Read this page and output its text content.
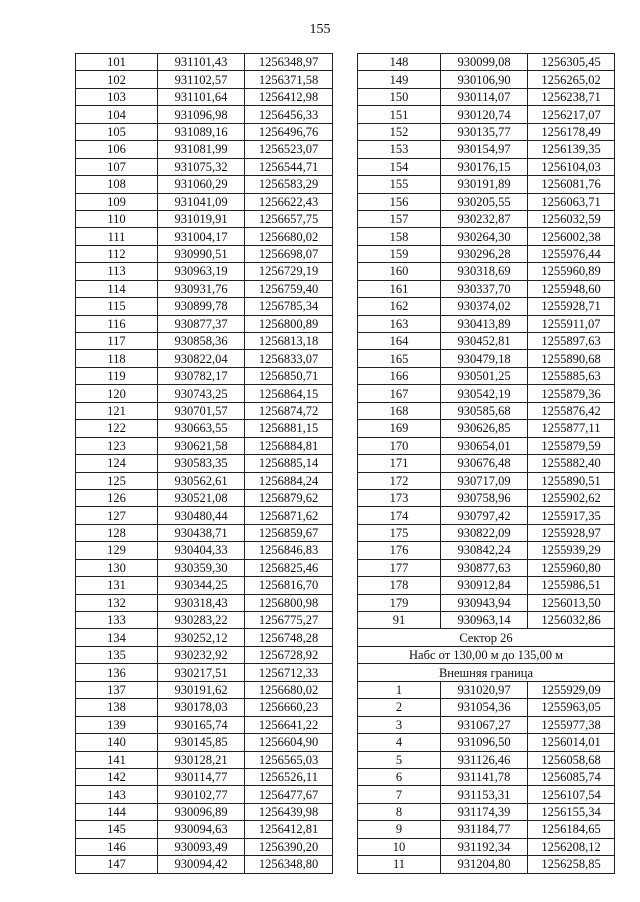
155
101	931101,43	1256348,97
102	931102,57	1256371,58
103	931101,64	1256412,98
104	931096,98	1256456,33
105	931089,16	1256496,76
106	931081,99	1256523,07
107	931075,32	1256544,71
108	931060,29	1256583,29
109	931041,09	1256622,43
110	931019,91	1256657,75
111	931004,17	1256680,02
112	930990,51	1256698,07
113	930963,19	1256729,19
114	930931,76	1256759,40
115	930899,78	1256785,34
116	930877,37	1256800,89
117	930858,36	1256813,18
118	930822,04	1256833,07
119	930782,17	1256850,71
120	930743,25	1256864,15
121	930701,57	1256874,72
122	930663,55	1256881,15
123	930621,58	1256884,81
124	930583,35	1256885,14
125	930562,61	1256884,24
126	930521,08	1256879,62
127	930480,44	1256871,62
128	930438,71	1256859,67
129	930404,33	1256846,83
130	930359,30	1256825,46
131	930344,25	1256816,70
132	930318,43	1256800,98
133	930283,22	1256775,27
134	930252,12	1256748,28
135	930232,92	1256728,92
136	930217,51	1256712,33
137	930191,62	1256680,02
138	930178,03	1256660,23
139	930165,74	1256641,22
140	930145,85	1256604,90
141	930128,21	1256565,03
142	930114,77	1256526,11
143	930102,77	1256477,67
144	930096,89	1256439,98
145	930094,63	1256412,81
146	930093,49	1256390,20
147	930094,42	1256348,80
148	930099,08	1256305,45
149	930106,90	1256265,02
150	930114,07	1256238,71
151	930120,74	1256217,07
152	930135,77	1256178,49
153	930154,97	1256139,35
154	930176,15	1256104,03
155	930191,89	1256081,76
156	930205,55	1256063,71
157	930232,87	1256032,59
158	930264,30	1256002,38
159	930296,28	1255976,44
160	930318,69	1255960,89
161	930337,70	1255948,60
162	930374,02	1255928,71
163	930413,89	1255911,07
164	930452,81	1255897,63
165	930479,18	1255890,68
166	930501,25	1255885,63
167	930542,19	1255879,36
168	930585,68	1255876,42
169	930626,85	1255877,11
170	930654,01	1255879,59
171	930676,48	1255882,40
172	930717,09	1255890,51
173	930758,96	1255902,62
174	930797,42	1255917,35
175	930822,09	1255928,97
176	930842,24	1255939,29
177	930877,63	1255960,80
178	930912,84	1255986,51
179	930943,94	1256013,50
91	930963,14	1256032,86
Сектор 26		
Набс от 130,00 м до 135,00 м		
Внешняя граница		
1	931020,97	1255929,09
2	931054,36	1255963,05
3	931067,27	1255977,38
4	931096,50	1256014,01
5	931126,46	1256058,68
6	931141,78	1256085,74
7	931153,31	1256107,54
8	931174,39	1256155,34
9	931184,77	1256184,65
10	931192,34	1256208,12
11	931204,80	1256258,85
